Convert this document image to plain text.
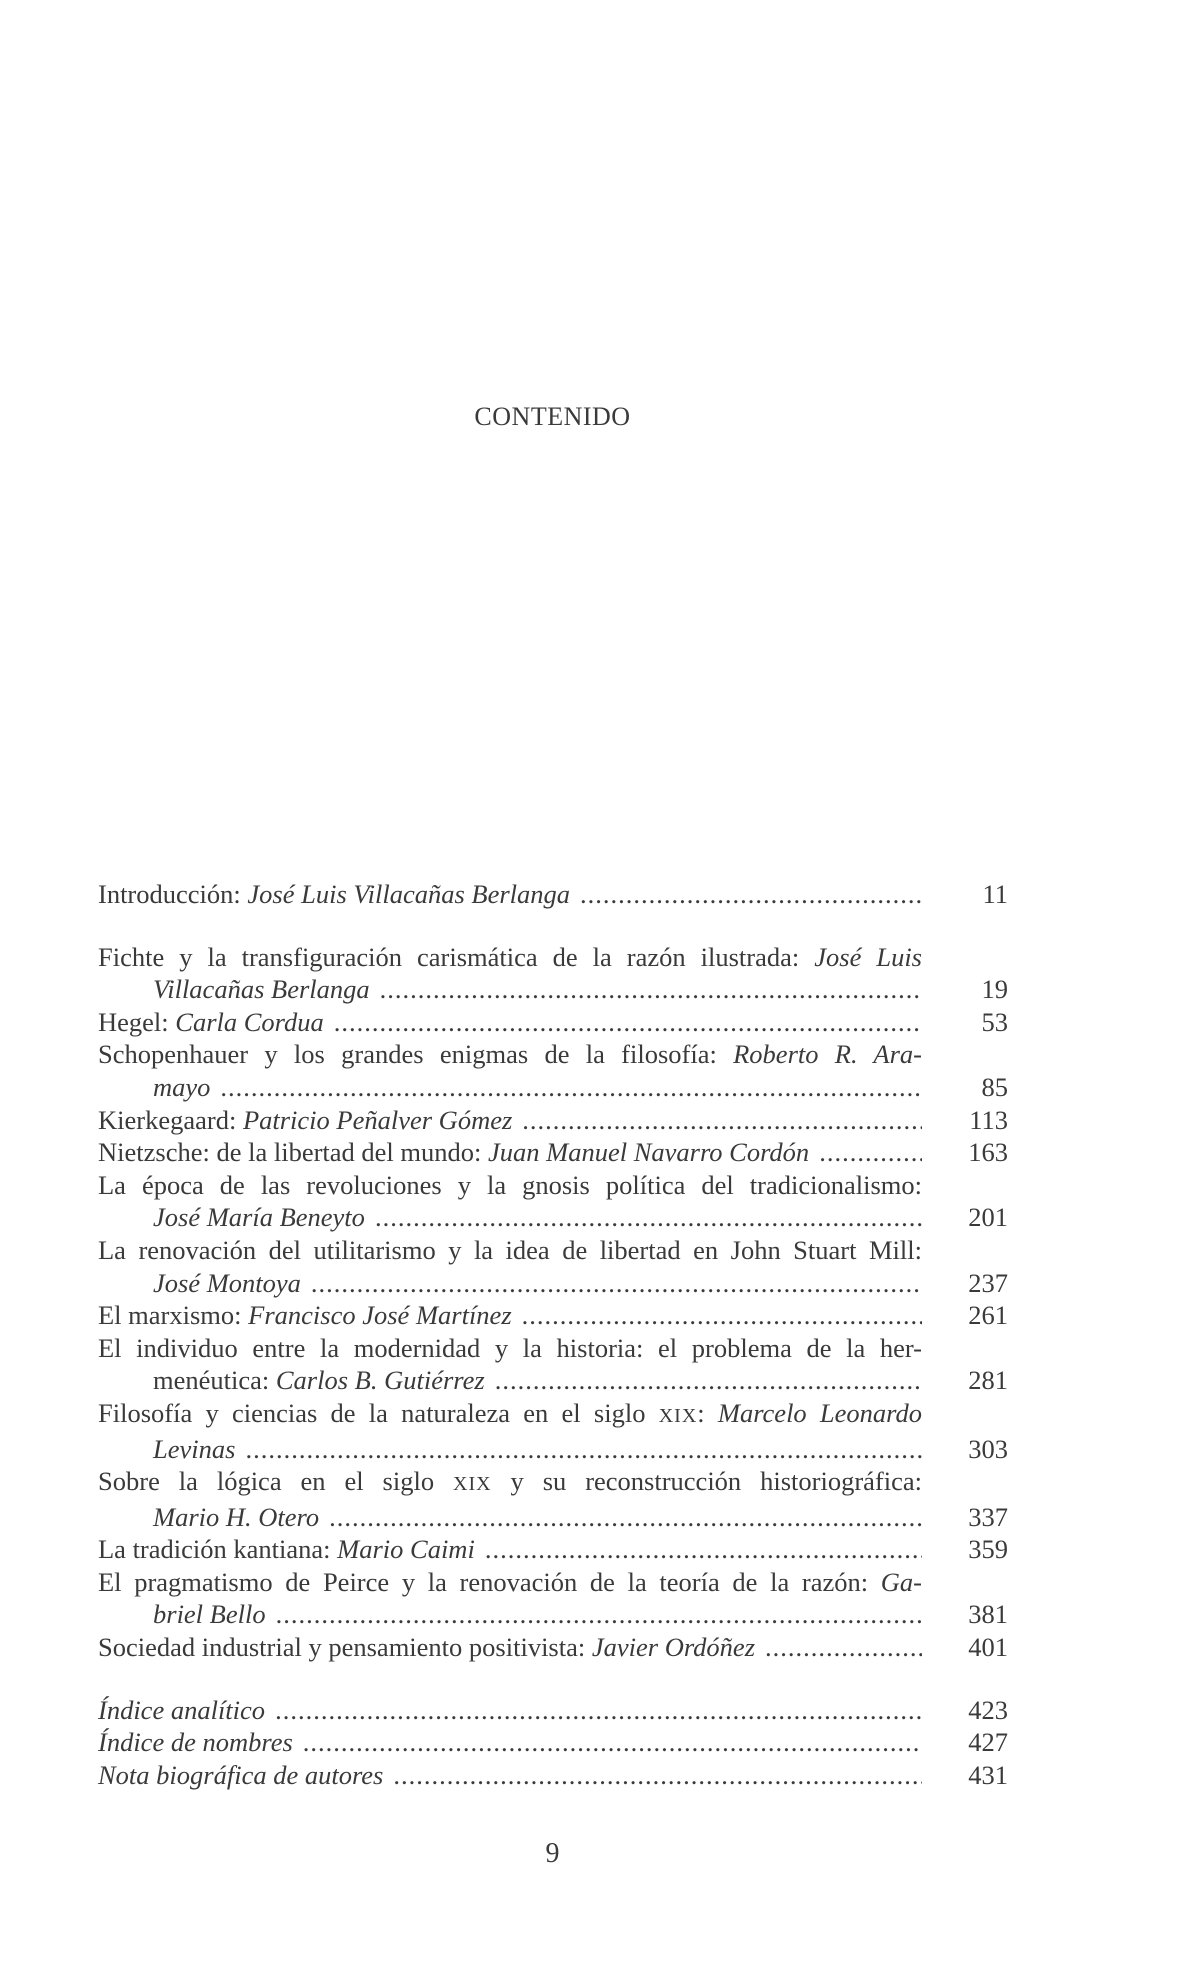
CONTENIDO
Introducción: José Luis Villacañas Berlanga .....	11
Fichte y la transfiguración carismática de la razón ilustrada: José Luis
Villacañas Berlanga .....	19
Hegel: Carla Cordua .....	53
Schopenhauer y los grandes enigmas de la filosofía: Roberto R. Ara-
mayo .....	85
Kierkegaard: Patricio Peñalver Gómez .....	113
Nietzsche: de la libertad del mundo: Juan Manuel Navarro Cordón .....	163
La época de las revoluciones y la gnosis política del tradicionalismo:
José María Beneyto .....	201
La renovación del utilitarismo y la idea de libertad en John Stuart Mill:
José Montoya .....	237
El marxismo: Francisco José Martínez .....	261
El individuo entre la modernidad y la historia: el problema de la her-
menéutica: Carlos B. Gutiérrez .....	281
Filosofía y ciencias de la naturaleza en el siglo XIX: Marcelo Leonardo
Levinas .....	303
Sobre la lógica en el siglo XIX y su reconstrucción historiográfica:
Mario H. Otero .....	337
La tradición kantiana: Mario Caimi .....	359
El pragmatismo de Peirce y la renovación de la teoría de la razón: Ga-
briel Bello .....	381
Sociedad industrial y pensamiento positivista: Javier Ordóñez .....	401
Índice analítico .....	423
Índice de nombres .....	427
Nota biográfica de autores .....	431
9
